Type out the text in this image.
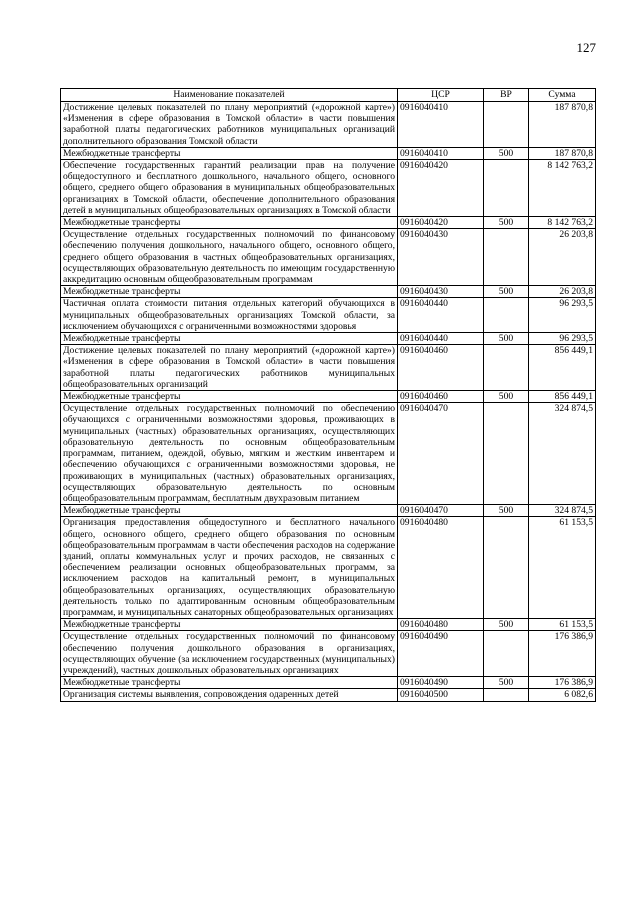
127
Наименование показателей	ЦСР	ВР	Сумма
Достижение целевых показателей по плану мероприятий («дорожной карте») «Изменения в сфере образования в Томской области» в части повышения заработной платы педагогических работников муниципальных организаций дополнительного образования Томской области	0916040410		187 870,8
Межбюджетные трансферты	0916040410	500	187 870,8
Обеспечение государственных гарантий реализации прав на получение общедоступного и бесплатного дошкольного, начального общего, основного общего, среднего общего образования в муниципальных общеобразовательных организациях в Томской области, обеспечение дополнительного образования детей в муниципальных общеобразовательных организациях в Томской области	0916040420		8 142 763,2
Межбюджетные трансферты	0916040420	500	8 142 763,2
Осуществление отдельных государственных полномочий по финансовому обеспечению получения дошкольного, начального общего, основного общего, среднего общего образования в частных общеобразовательных организациях, осуществляющих образовательную деятельность по имеющим государственную аккредитацию основным общеобразовательным программам	0916040430		26 203,8
Межбюджетные трансферты	0916040430	500	26 203,8
Частичная оплата стоимости питания отдельных категорий обучающихся в муниципальных общеобразовательных организациях Томской области, за исключением обучающихся с ограниченными возможностями здоровья	0916040440		96 293,5
Межбюджетные трансферты	0916040440	500	96 293,5
Достижение целевых показателей по плану мероприятий («дорожной карте») «Изменения в сфере образования в Томской области» в части повышения заработной платы педагогических работников муниципальных общеобразовательных организаций	0916040460		856 449,1
Межбюджетные трансферты	0916040460	500	856 449,1
Осуществление отдельных государственных полномочий по обеспечению обучающихся с ограниченными возможностями здоровья, проживающих в муниципальных (частных) образовательных организациях, осуществляющих образовательную деятельность по основным общеобразовательным программам, питанием, одеждой, обувью, мягким и жестким инвентарем и обеспечению обучающихся с ограниченными возможностями здоровья, не проживающих в муниципальных (частных) образовательных организациях, осуществляющих образовательную деятельность по основным общеобразовательным программам, бесплатным двухразовым питанием	0916040470		324 874,5
Межбюджетные трансферты	0916040470	500	324 874,5
Организация предоставления общедоступного и бесплатного начального общего, основного общего, среднего общего образования по основным общеобразовательным программам в части обеспечения расходов на содержание зданий, оплаты коммунальных услуг и прочих расходов, не связанных с обеспечением реализации основных общеобразовательных программ, за исключением расходов на капитальный ремонт, в муниципальных общеобразовательных организациях, осуществляющих образовательную деятельность только по адаптированным основным общеобразовательным программам, и муниципальных санаторных общеобразовательных организациях	0916040480		61 153,5
Межбюджетные трансферты	0916040480	500	61 153,5
Осуществление отдельных государственных полномочий по финансовому обеспечению получения дошкольного образования в организациях, осуществляющих обучение (за исключением государственных (муниципальных) учреждений), частных дошкольных образовательных организациях	0916040490		176 386,9
Межбюджетные трансферты	0916040490	500	176 386,9
Организация системы выявления, сопровождения одаренных детей	0916040500		6 082,6
